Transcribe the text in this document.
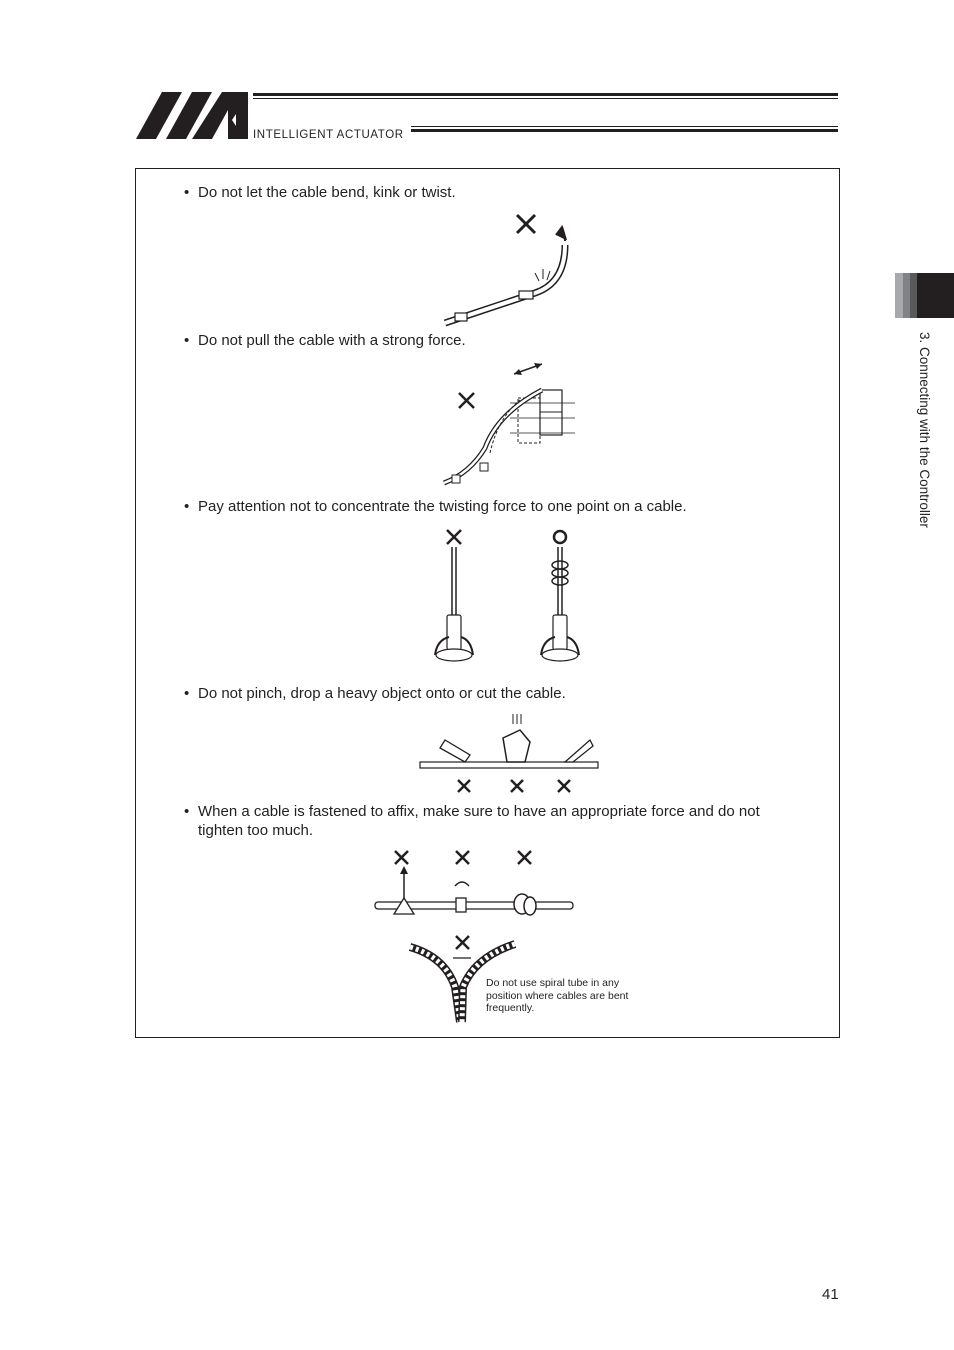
INTELLIGENT ACTUATOR
• Do not let the cable bend, kink or twist.
• Do not pull the cable with a strong force.
• Pay attention not to concentrate the twisting force to one point on a cable.
• Do not pinch, drop a heavy object onto or cut the cable.
• When a cable is fastened to affix, make sure to have an appropriate force and do not
tighten too much.
Do not use spiral tube in any
position where cables are bent
frequently.
3. Connecting with the Controller
41
